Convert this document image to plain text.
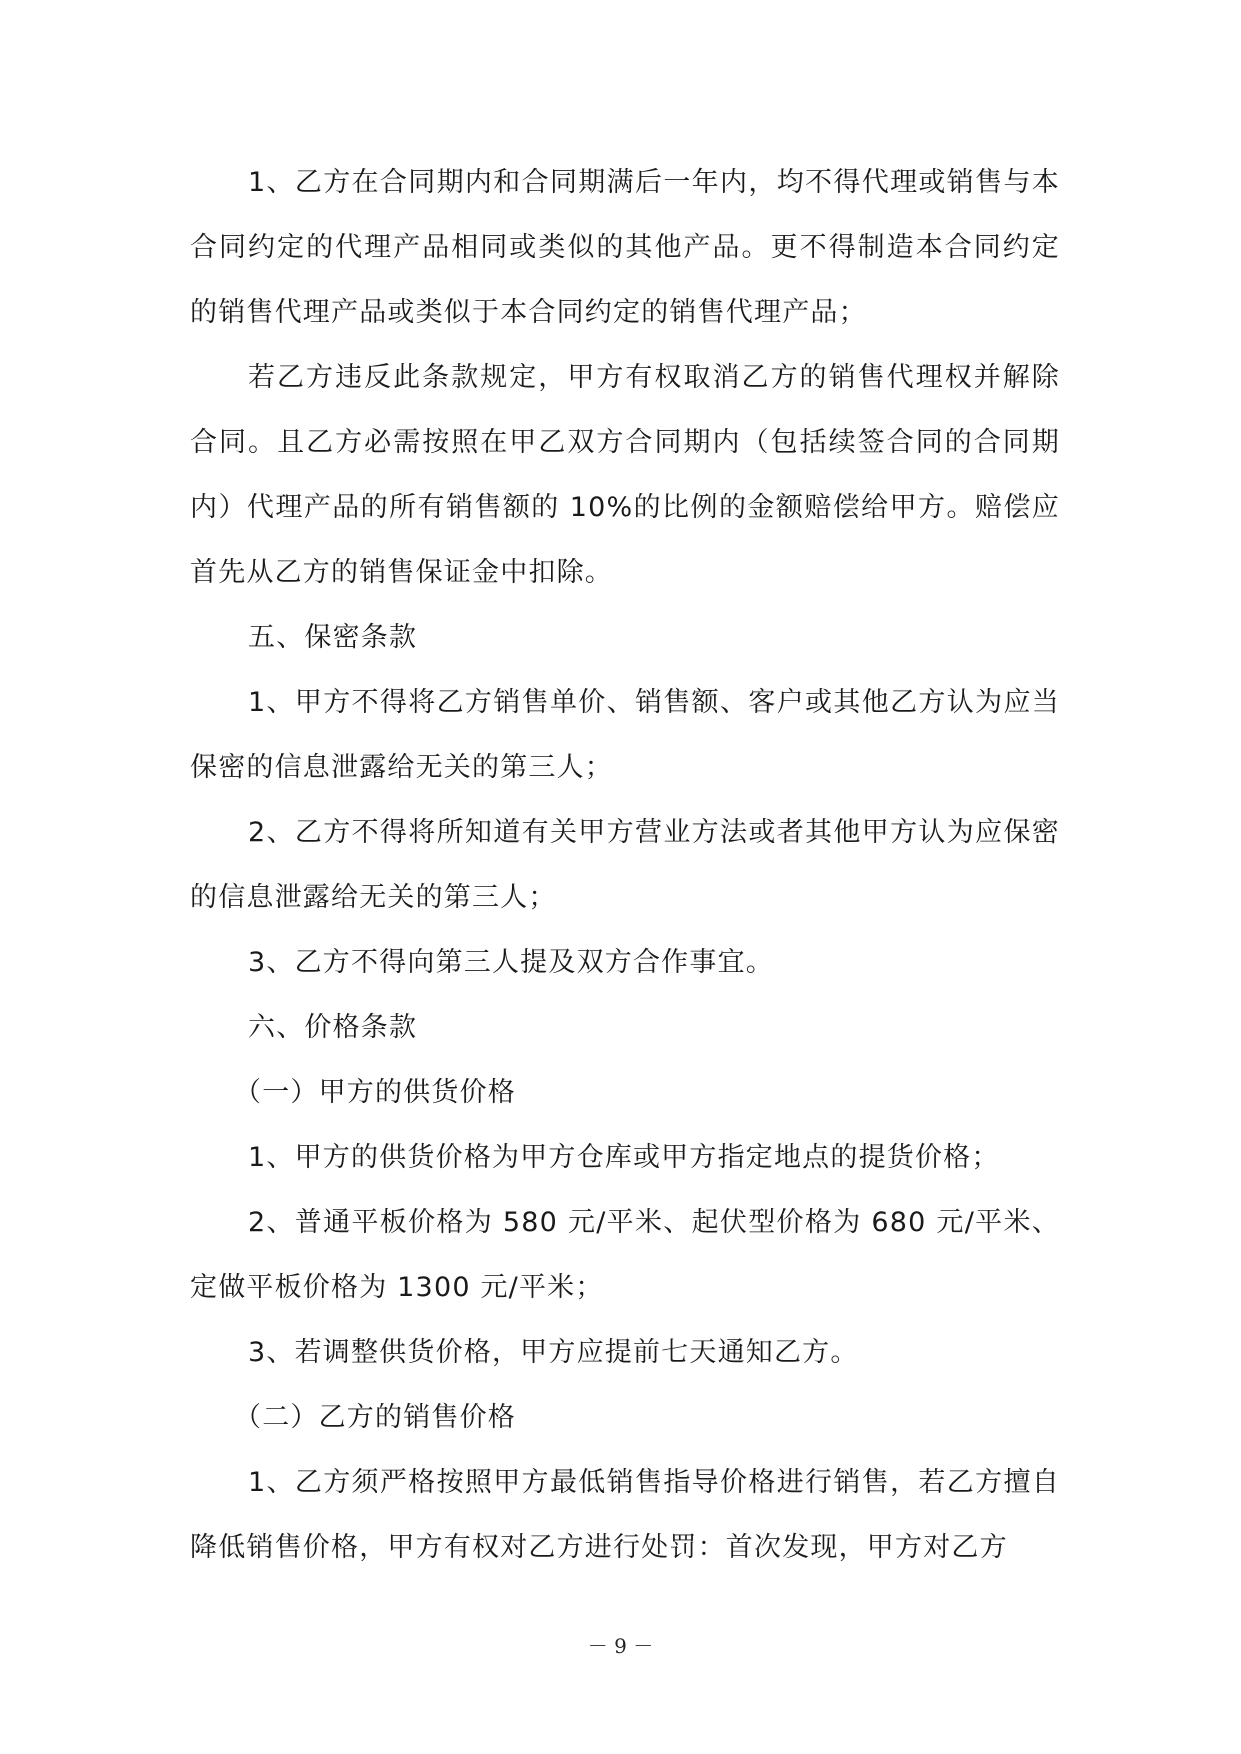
1、乙方在合同期内和合同期满后一年内，均不得代理或销售与本合同约定的代理产品相同或类似的其他产品。更不得制造本合同约定的销售代理产品或类似于本合同约定的销售代理产品；

若乙方违反此条款规定，甲方有权取消乙方的销售代理权并解除合同。且乙方必需按照在甲乙双方合同期内（包括续签合同的合同期内）代理产品的所有销售额的 10%的比例的金额赔偿给甲方。赔偿应首先从乙方的销售保证金中扣除。

五、保密条款

1、甲方不得将乙方销售单价、销售额、客户或其他乙方认为应当保密的信息泄露给无关的第三人；

2、乙方不得将所知道有关甲方营业方法或者其他甲方认为应保密的信息泄露给无关的第三人；

3、乙方不得向第三人提及双方合作事宜。

六、价格条款

（一）甲方的供货价格

1、甲方的供货价格为甲方仓库或甲方指定地点的提货价格；

2、普通平板价格为 580 元/平米、起伏型价格为 680 元/平米、定做平板价格为 1300 元/平米；

3、若调整供货价格，甲方应提前七天通知乙方。

（二）乙方的销售价格

1、乙方须严格按照甲方最低销售指导价格进行销售，若乙方擅自降低销售价格，甲方有权对乙方进行处罚：首次发现，甲方对乙方

－ 9 －
